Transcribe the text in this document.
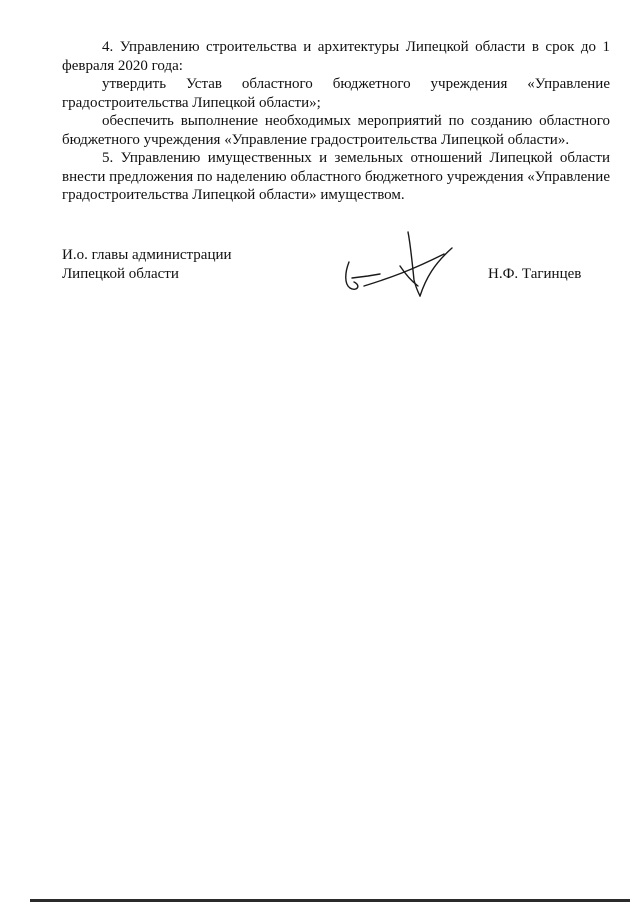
4. Управлению строительства и архитектуры Липецкой области в срок до 1 февраля 2020 года:

утвердить Устав областного бюджетного учреждения «Управление градостроительства Липецкой области»;

обеспечить выполнение необходимых мероприятий по созданию областного бюджетного учреждения «Управление градостроительства Липецкой области».

5. Управлению имущественных и земельных отношений Липецкой области внести предложения по наделению областного бюджетного учреждения «Управление градостроительства Липецкой области» имуществом.

И.о. главы администрации
Липецкой области	Н.Ф. Тагинцев
